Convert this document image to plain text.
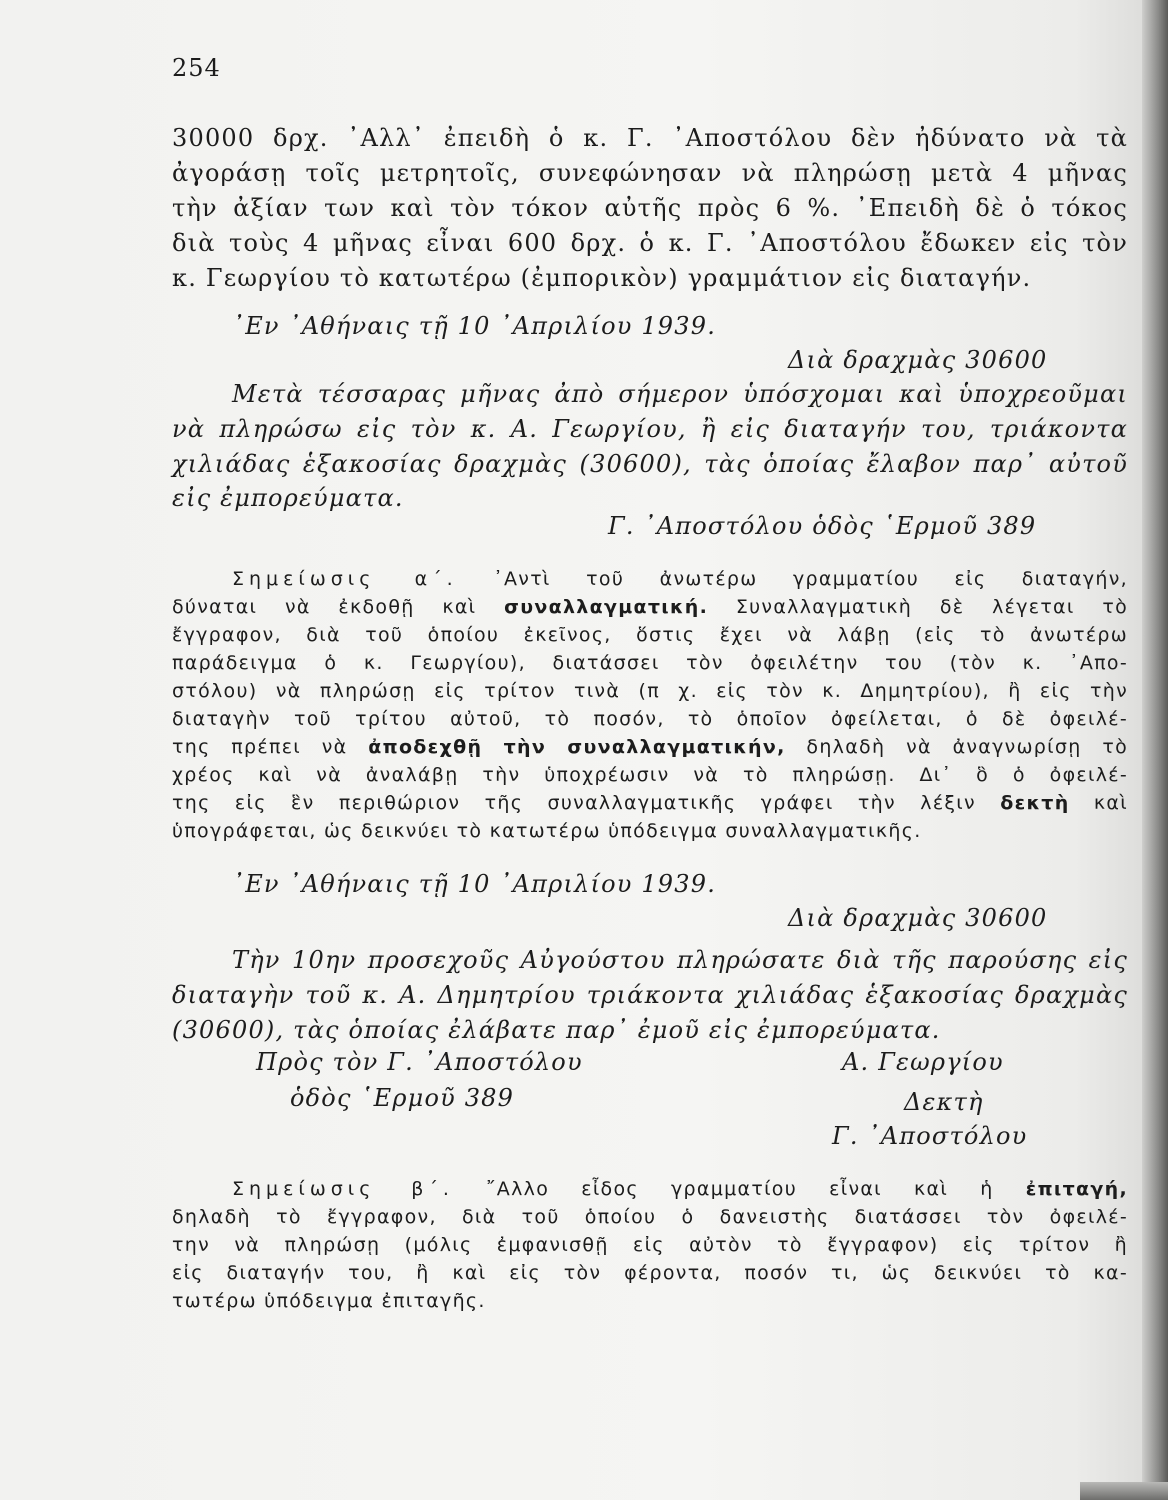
254
30000 δρχ. ᾿Αλλ᾿ ἐπειδὴ ὁ κ. Γ. ᾿Αποστόλου δὲν ἠδύνατο νὰ τὰ
ἀγοράσῃ τοῖς μετρητοῖς, συνεφώνησαν νὰ πληρώσῃ μετὰ 4 μῆνας
τὴν ἀξίαν των καὶ τὸν τόκον αὐτῆς πρὸς 6 %. ᾿Επειδὴ δὲ ὁ τόκος
διὰ τοὺς 4 μῆνας εἶναι 600 δρχ. ὁ κ. Γ. ᾿Αποστόλου ἔδωκεν εἰς τὸν
κ. Γεωργίου τὸ κατωτέρω (ἐμπορικὸν) γραμμάτιον εἰς διαταγήν.
᾿Εν ᾿Αθήναις τῇ 10 ᾿Απριλίου 1939.
Διὰ δραχμὰς 30600
Μετὰ τέσσαρας μῆνας ἀπὸ σήμερον ὑπόσχομαι καὶ ὑποχρεοῦμαι
νὰ πληρώσω εἰς τὸν κ. Α. Γεωργίου, ἢ εἰς διαταγήν του, τριάκοντα
χιλιάδας ἑξακοσίας δραχμὰς (30600), τὰς ὁποίας ἔλαβον παρ᾿ αὐτοῦ
εἰς ἐμπορεύματα.
Γ. ᾿Αποστόλου ὁδὸς ῾Ερμοῦ 389
Σημείωσις α΄. ᾿Αντὶ τοῦ ἀνωτέρω γραμματίου εἰς διαταγήν,
δύναται νὰ ἐκδοθῇ καὶ συναλλαγματική. Συναλλαγματικὴ δὲ λέγεται τὸ
ἔγγραφον, διὰ τοῦ ὁποίου ἐκεῖνος, ὅστις ἔχει νὰ λάβῃ (εἰς τὸ ἀνωτέρω
παράδειγμα ὁ κ. Γεωργίου), διατάσσει τὸν ὀφειλέτην του (τὸν κ. ᾿Απο-
στόλου) νὰ πληρώσῃ εἰς τρίτον τινὰ (π χ. εἰς τὸν κ. Δημητρίου), ἢ εἰς τὴν
διαταγὴν τοῦ τρίτου αὐτοῦ, τὸ ποσόν, τὸ ὁποῖον ὀφείλεται, ὁ δὲ ὀφειλέ-
της πρέπει νὰ ἀποδεχθῇ τὴν συναλλαγματικήν, δηλαδὴ νὰ ἀναγνωρίσῃ τὸ
χρέος καὶ νὰ ἀναλάβῃ τὴν ὑποχρέωσιν νὰ τὸ πληρώσῃ. Δι᾿ ὃ ὁ ὀφειλέ-
της εἰς ἓν περιθώριον τῆς συναλλαγματικῆς γράφει τὴν λέξιν δεκτὴ καὶ
ὑπογράφεται, ὡς δεικνύει τὸ κατωτέρω ὑπόδειγμα συναλλαγματικῆς.
᾿Εν ᾿Αθήναις τῇ 10 ᾿Απριλίου 1939.
Διὰ δραχμὰς 30600
Τὴν 10ην προσεχοῦς Αὐγούστου πληρώσατε διὰ τῆς παρούσης εἰς
διαταγὴν τοῦ κ. Α. Δημητρίου τριάκοντα χιλιάδας ἑξακοσίας δραχμὰς
(30600), τὰς ὁποίας ἐλάβατε παρ᾿ ἐμοῦ εἰς ἐμπορεύματα.
Πρὸς τὸν Γ. ᾿Αποστόλου	Α. Γεωργίου
ὁδὸς ῾Ερμοῦ 389	Δεκτὴ
Γ. ᾿Αποστόλου
Σημείωσις β΄. ῎Αλλο εἶδος γραμματίου εἶναι καὶ ἡ ἐπιταγή,
δηλαδὴ τὸ ἔγγραφον, διὰ τοῦ ὁποίου ὁ δανειστὴς διατάσσει τὸν ὀφειλέ-
την νὰ πληρώσῃ (μόλις ἐμφανισθῇ εἰς αὐτὸν τὸ ἔγγραφον) εἰς τρίτον ἢ
εἰς διαταγήν του, ἢ καὶ εἰς τὸν φέροντα, ποσόν τι, ὡς δεικνύει τὸ κα-
τωτέρω ὑπόδειγμα ἐπιταγῆς.
